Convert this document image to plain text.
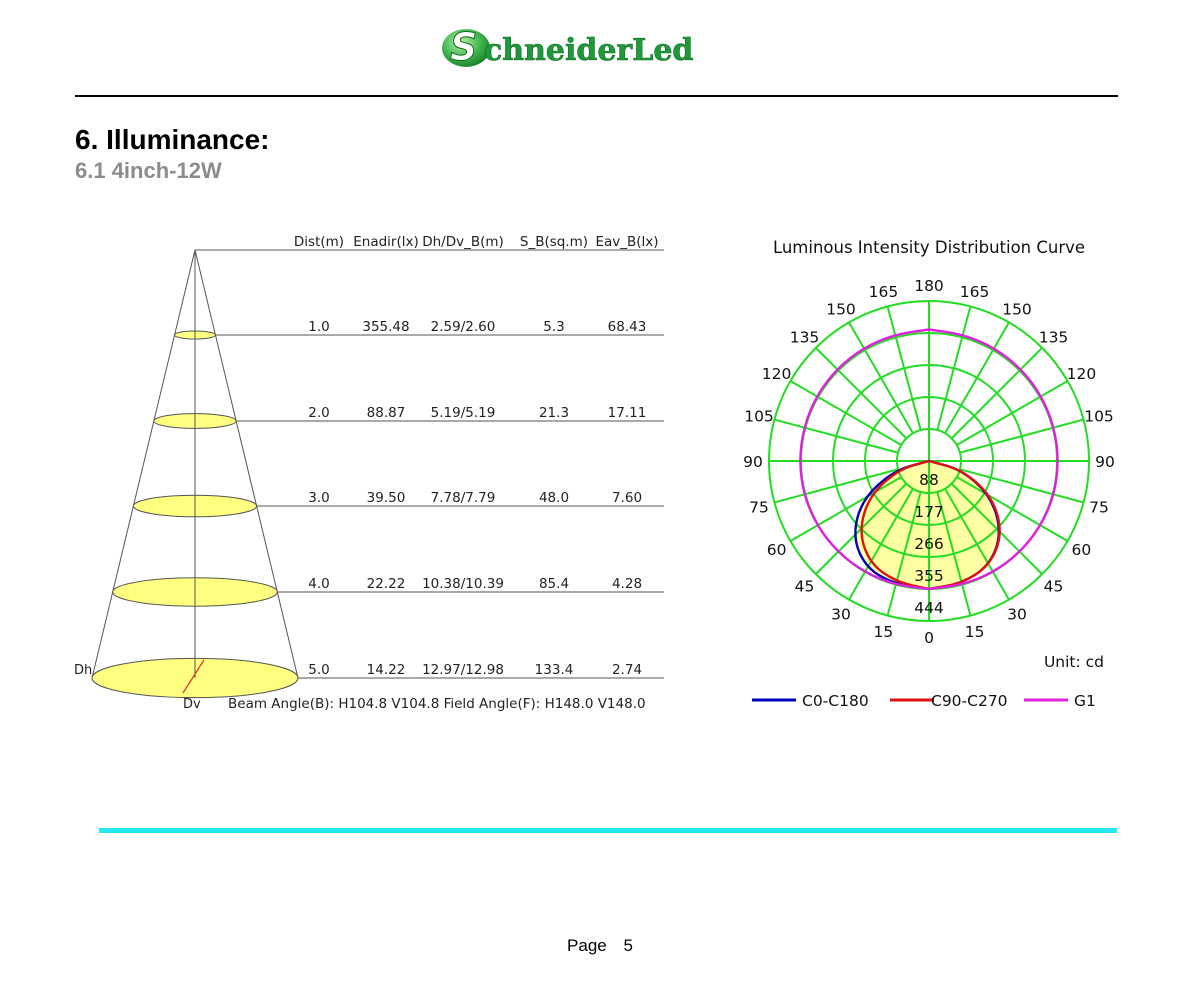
S chneiderLed
6. Illuminance:
6.1 4inch-12W
Dist(m) Enadir(lx) Dh/Dv_B(m) S_B(sq.m) Eav_B(lx)
1.0 355.48 2.59/2.60	5.3	68.43
2.0	88.87 5.19/5.19	21.3	17.11
3.0	39.50 7.78/7.79	48.0	7.60
4.0	22.22 10.38/10.39	85.4	4.28
5.0	14.22 12.97/12.98 133.4	2.74
Dh
Dv Beam Angle(B): H104.8 V104.8 Field Angle(F): H148.0 V148.0
Luminous Intensity Distribution Curve
0
15
30
45
60
75
90
105
120
135
150
165 180
15
30
45
60
75
90
105
120
135
150
165
88
177
266
355
444
Unit: cd
C0-C180	C90-C270	G1
Page 5
